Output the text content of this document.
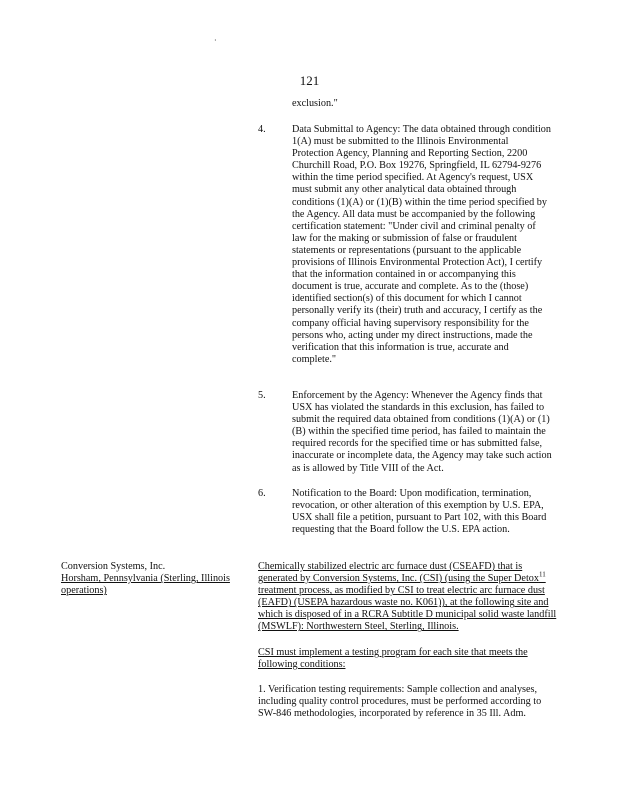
·
121
exclusion."
4.	Data Submittal to Agency: The data obtained through condition 1(A) must be submitted to the Illinois Environmental Protection Agency, Planning and Reporting Section, 2200 Churchill Road, P.O. Box 19276, Springfield, IL 62794-9276 within the time period specified. At Agency's request, USX must submit any other analytical data obtained through conditions (1)(A) or (1)(B) within the time period specified by the Agency. All data must be accompanied by the following certification statement: "Under civil and criminal penalty of law for the making or submission of false or fraudulent statements or representations (pursuant to the applicable provisions of Illinois Environmental Protection Act), I certify that the information contained in or accompanying this document is true, accurate and complete. As to the (those) identified section(s) of this document for which I cannot personally verify its (their) truth and accuracy, I certify as the company official having supervisory responsibility for the persons who, acting under my direct instructions, made the verification that this information is true, accurate and complete."
5.	Enforcement by the Agency: Whenever the Agency finds that USX has violated the standards in this exclusion, has failed to submit the required data obtained from conditions (1)(A) or (1)(B) within the specified time period, has failed to maintain the required records for the specified time or has submitted false, inaccurate or incomplete data, the Agency may take such action as is allowed by Title VIII of the Act.
6.	Notification to the Board: Upon modification, termination, revocation, or other alteration of this exemption by U.S. EPA, USX shall file a petition, pursuant to Part 102, with this Board requesting that the Board follow the U.S. EPA action.
Conversion Systems, Inc.
Horsham, Pennsylvania (Sterling, Illinois operations)
Chemically stabilized electric arc furnace dust (CSEAFD) that is generated by Conversion Systems, Inc. (CSI) (using the Super Detox$^{11}$ treatment process, as modified by CSI to treat electric arc furnace dust (EAFD) (USEPA hazardous waste no. K061)), at the following site and which is disposed of in a RCRA Subtitle D municipal solid waste landfill (MSWLF): Northwestern Steel, Sterling, Illinois.
CSI must implement a testing program for each site that meets the following conditions:
1. Verification testing requirements: Sample collection and analyses, including quality control procedures, must be performed according to SW-846 methodologies, incorporated by reference in 35 Ill. Adm.
